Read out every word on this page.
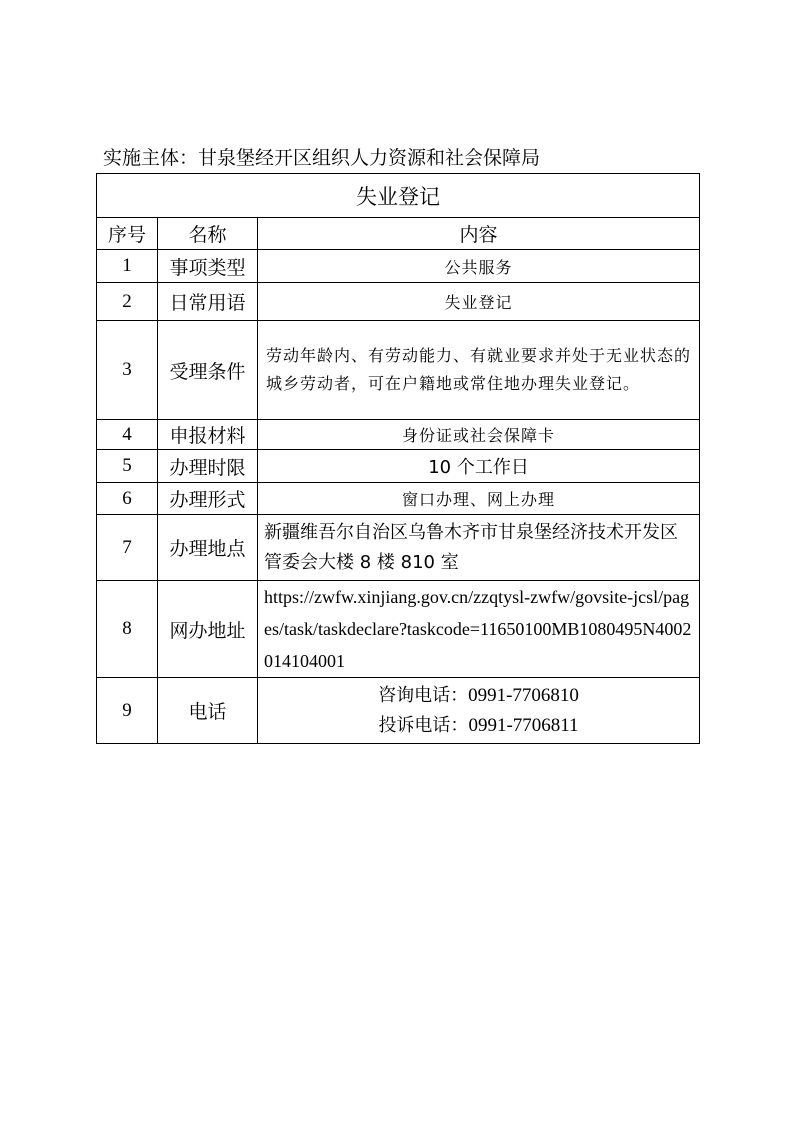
实施主体：甘泉堡经开区组织人力资源和社会保障局
失业登记		
序号	名称	内容
1	事项类型	公共服务
2	日常用语	失业登记
3	受理条件	劳动年龄内、有劳动能力、有就业要求并处于无业状态的城乡劳动者，可在户籍地或常住地办理失业登记。
4	申报材料	身份证或社会保障卡
5	办理时限	10 个工作日
6	办理形式	窗口办理、网上办理
7	办理地点	新疆维吾尔自治区乌鲁木齐市甘泉堡经济技术开发区管委会大楼 8 楼 810 室
8	网办地址	https://zwfw.xinjiang.gov.cn/zzqtysl-zwfw/govsite-jcsl/pages/task/taskdeclare?taskcode=11650100MB1080495N4002014104001
9	电话	咨询电话：0991-7706810
投诉电话：0991-7706811
